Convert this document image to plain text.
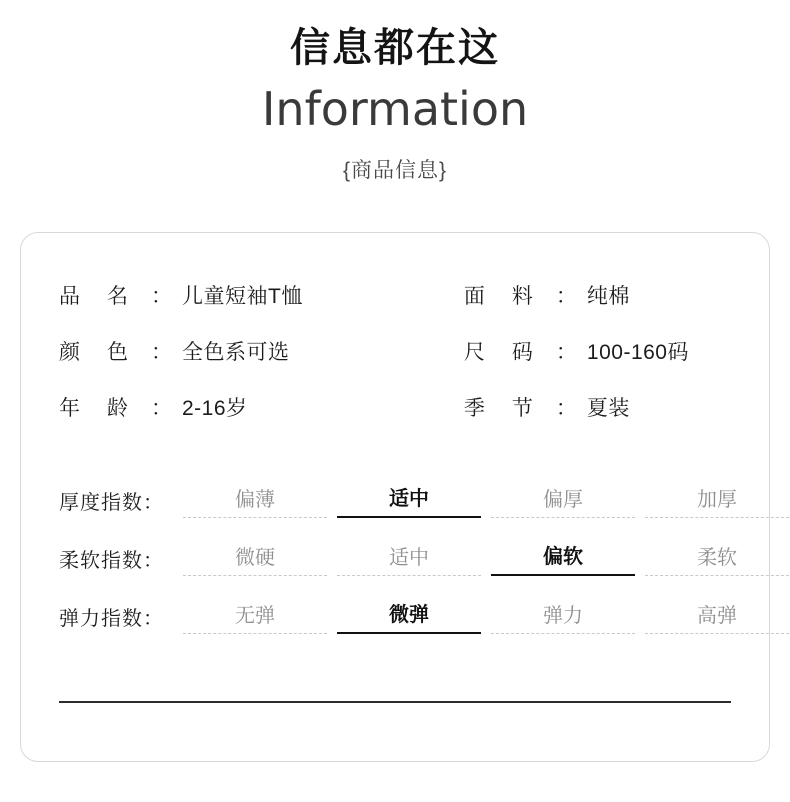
信息都在这
Information
{商品信息}
品 名	： 儿童短袖T恤	面 料	： 纯棉
颜 色	： 全色系可选	尺 码	： 100-160码
年 龄	： 2-16岁	季 节	： 夏装
厚度指数：	偏薄	适中	偏厚	加厚
柔软指数：	微硬	适中	偏软	柔软
弹力指数：	无弹	微弹	弹力	高弹
